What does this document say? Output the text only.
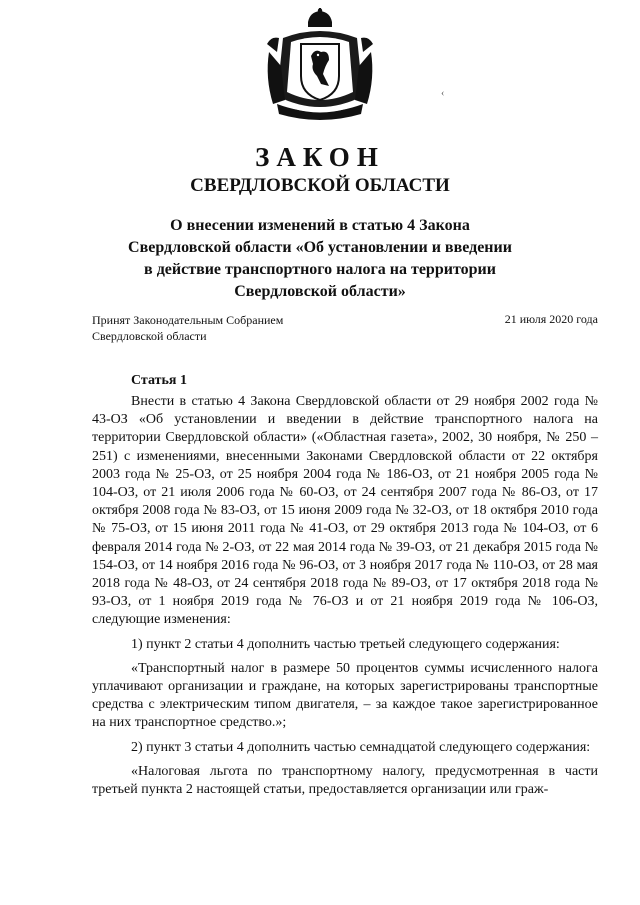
‹
ЗАКОН
СВЕРДЛОВСКОЙ ОБЛАСТИ
О внесении изменений в статью 4 Закона
Свердловской области «Об установлении и введении
в действие транспортного налога на территории
Свердловской области»
Принят Законодательным Собранием
Свердловской области
21 июля 2020 года
Статья 1

Внести в статью 4 Закона Свердловской области от 29 ноября 2002 года № 43-ОЗ «Об установлении и введении в действие транспортного налога на территории Свердловской области» («Областная газета», 2002, 30 ноября, № 250 – 251) с изменениями, внесенными Законами Свердловской области от 22 октября 2003 года № 25-ОЗ, от 25 ноября 2004 года № 186-ОЗ, от 21 ноября 2005 года № 104-ОЗ, от 21 июля 2006 года № 60-ОЗ, от 24 сентября 2007 года № 86-ОЗ, от 17 октября 2008 года № 83-ОЗ, от 15 июня 2009 года № 32-ОЗ, от 18 октября 2010 года № 75-ОЗ, от 15 июня 2011 года № 41-ОЗ, от 29 октября 2013 года № 104-ОЗ, от 6 февраля 2014 года № 2-ОЗ, от 22 мая 2014 года № 39-ОЗ, от 21 декабря 2015 года № 154-ОЗ, от 14 ноября 2016 года № 96-ОЗ, от 3 ноября 2017 года № 110-ОЗ, от 28 мая 2018 года № 48-ОЗ, от 24 сентября 2018 года № 89-ОЗ, от 17 октября 2018 года № 93-ОЗ, от 1 ноября 2019 года № 76-ОЗ и от 21 ноября 2019 года № 106-ОЗ, следующие изменения:

1) пункт 2 статьи 4 дополнить частью третьей следующего содержания:

«Транспортный налог в размере 50 процентов суммы исчисленного налога уплачивают организации и граждане, на которых зарегистрированы транспортные средства с электрическим типом двигателя, – за каждое такое зарегистрированное на них транспортное средство.»;

2) пункт 3 статьи 4 дополнить частью семнадцатой следующего содержания:

«Налоговая льгота по транспортному налогу, предусмотренная в части третьей пункта 2 настоящей статьи, предоставляется организации или граж-
